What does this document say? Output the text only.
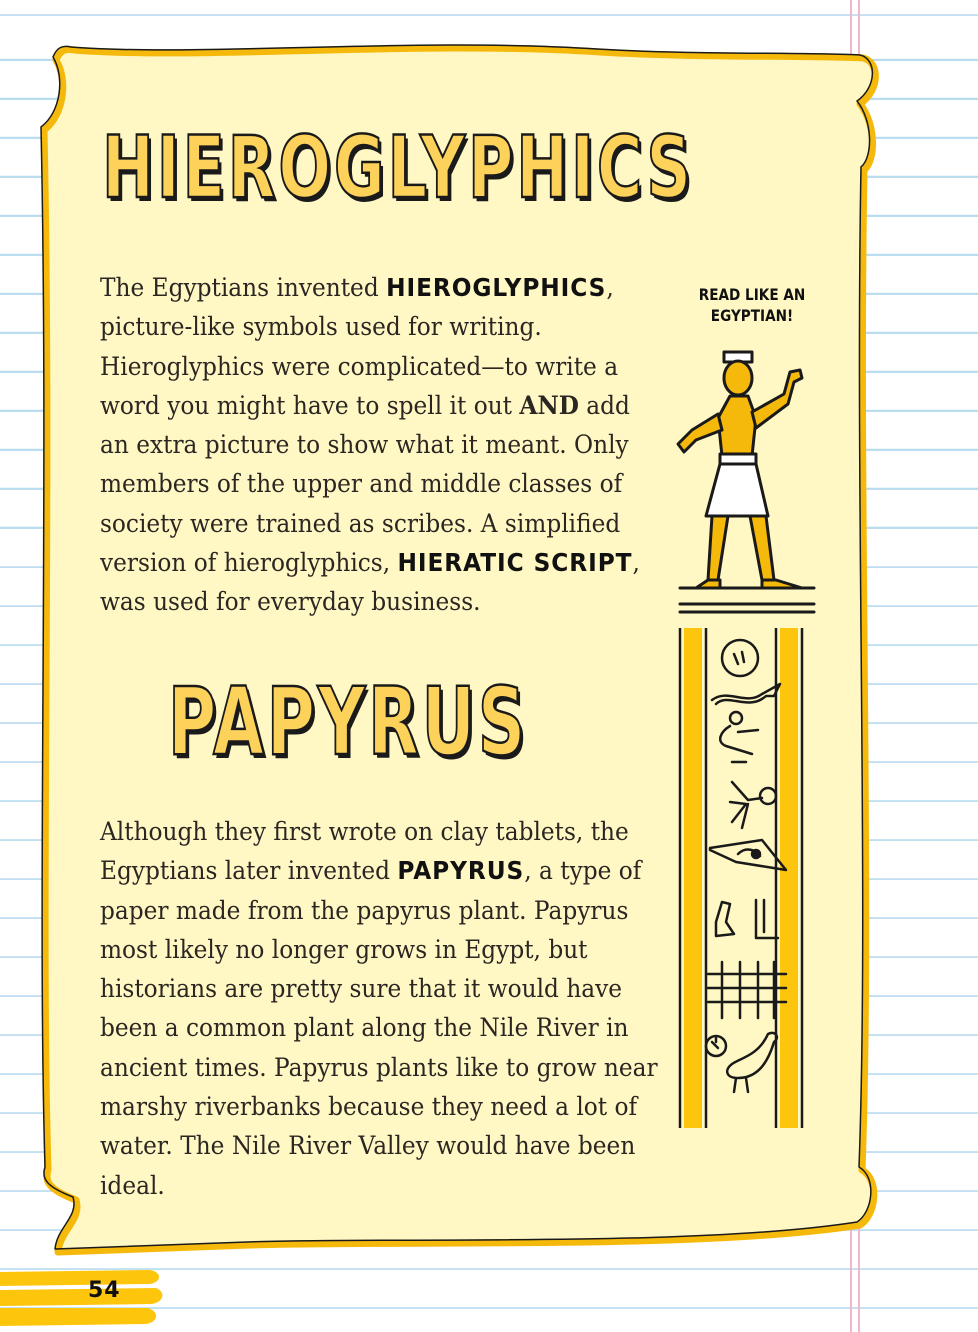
HIEROGLYPHICS

The Egyptians invented HIEROGLYPHICS, picture-like symbols used for writing. Hieroglyphics were complicated—to write a word you might have to spell it out AND add an extra picture to show what it meant. Only members of the upper and middle classes of society were trained as scribes. A simplified version of hieroglyphics, HIERATIC SCRIPT, was used for everyday business.

READ LIKE AN
EGYPTIAN!
PAPYRUS

Although they first wrote on clay tablets, the Egyptians later invented PAPYRUS, a type of paper made from the papyrus plant. Papyrus most likely no longer grows in Egypt, but historians are pretty sure that it would have been a common plant along the Nile River in ancient times. Papyrus plants like to grow near marshy riverbanks because they need a lot of water. The Nile River Valley would have been ideal.

54
